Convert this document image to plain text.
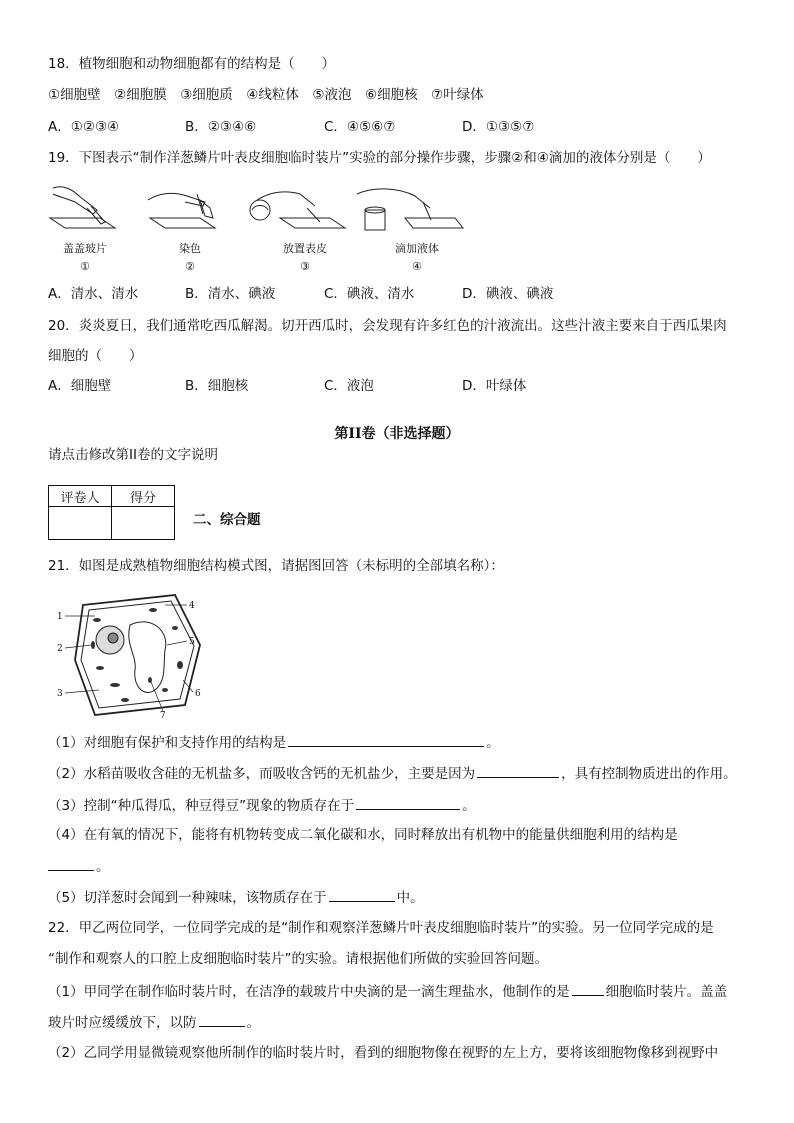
18．植物细胞和动物细胞都有的结构是（　　）
①细胞壁　②细胞膜　③细胞质　④线粒体　⑤液泡　⑥细胞核　⑦叶绿体
A．①②③④	B．②③④⑥	C．④⑤⑥⑦	D．①③⑤⑦
19．下图表示“制作洋葱鳞片叶表皮细胞临时装片”实验的部分操作步骤，步骤②和④滴加的液体分别是（　　）
盖盖玻片
①
染色
②
放置表皮
③
滴加液体
④
A．清水、清水	B．清水、碘液	C．碘液、清水	D．碘液、碘液
20．炎炎夏日，我们通常吃西瓜解渴。切开西瓜时，会发现有许多红色的汁液流出。这些汁液主要来自于西瓜果肉
细胞的（　　）
A．细胞壁	B．细胞核	C．液泡	D．叶绿体
第II卷（非选择题）
请点击修改第II卷的文字说明
评卷人	得分

二、综合题
21．如图是成熟植物细胞结构模式图，请据图回答（未标明的全部填名称）：
1
2
3
4
5
6
7
（1）对细胞有保护和支持作用的结构是	。
（2）水稻苗吸收含硅的无机盐多，而吸收含钙的无机盐少，主要是因为	，具有控制物质进出的作用。
（3）控制“种瓜得瓜，种豆得豆”现象的物质存在于	。
（4）在有氧的情况下，能将有机物转变成二氧化碳和水，同时释放出有机物中的能量供细胞利用的结构是
。
（5）切洋葱时会闻到一种辣味，该物质存在于	中。
22．甲乙两位同学，一位同学完成的是“制作和观察洋葱鳞片叶表皮细胞临时装片”的实验。另一位同学完成的是
“制作和观察人的口腔上皮细胞临时装片”的实验。请根据他们所做的实验回答问题。
（1）甲同学在制作临时装片时，在洁净的载玻片中央滴的是一滴生理盐水，他制作的是	细胞临时装片。盖盖
玻片时应缓缓放下，以防	。
（2）乙同学用显微镜观察他所制作的临时装片时，看到的细胞物像在视野的左上方，要将该细胞物像移到视野中
